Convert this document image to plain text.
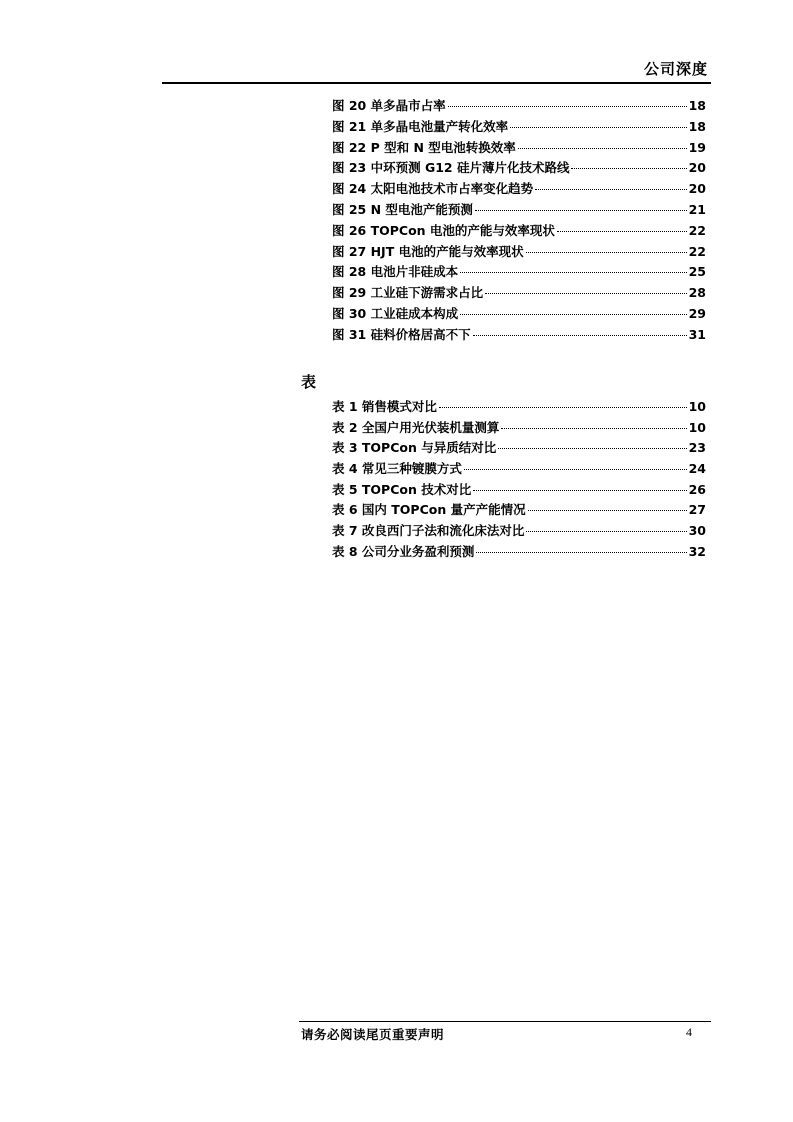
公司深度
图 20 单多晶市占率	18
图 21 单多晶电池量产转化效率	18
图 22 P 型和 N 型电池转换效率	19
图 23 中环预测 G12 硅片薄片化技术路线	20
图 24 太阳电池技术市占率变化趋势	20
图 25 N 型电池产能预测	21
图 26 TOPCon 电池的产能与效率现状	22
图 27 HJT 电池的产能与效率现状	22
图 28 电池片非硅成本	25
图 29 工业硅下游需求占比	28
图 30 工业硅成本构成	29
图 31 硅料价格居高不下	31
表
表 1 销售模式对比	10
表 2 全国户用光伏装机量测算	10
表 3 TOPCon 与异质结对比	23
表 4 常见三种镀膜方式	24
表 5 TOPCon 技术对比	26
表 6 国内 TOPCon 量产产能情况	27
表 7 改良西门子法和流化床法对比	30
表 8 公司分业务盈利预测	32
请务必阅读尾页重要声明	4
